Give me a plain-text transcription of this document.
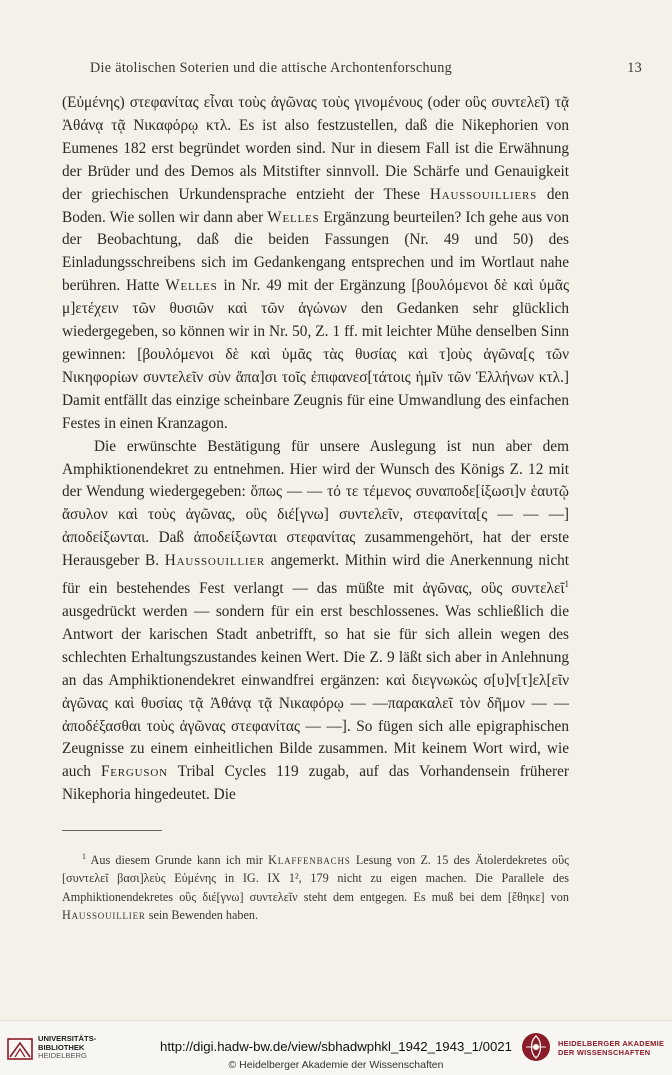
Die ätolischen Soterien und die attische Archontenforschung	13

(Εὐμένης) στεφανίτας εἶναι τοὺς ἀγῶνας τοὺς γινομένους (oder οὓς συντελεῖ) τᾷ Ἀθάνᾳ τᾷ Νικαφόρῳ κτλ. Es ist also festzustellen, daß die Nikephorien von Eumenes 182 erst begründet worden sind. Nur in diesem Fall ist die Erwähnung der Brüder und des Demos als Mitstifter sinnvoll. Die Schärfe und Genauigkeit der griechischen Urkundensprache entzieht der These Haussouilliers den Boden. Wie sollen wir dann aber Welles Ergänzung beurteilen? Ich gehe aus von der Beobachtung, daß die beiden Fassungen (Nr. 49 und 50) des Einladungsschreibens sich im Gedankengang entsprechen und im Wortlaut nahe berühren. Hatte Welles in Nr. 49 mit der Ergänzung [βουλόμενοι δὲ καὶ ὑμᾶς μ]ετέχειν τῶν θυσιῶν καὶ τῶν ἀγώνων den Gedanken sehr glücklich wiedergegeben, so können wir in Nr. 50, Z. 1 ff. mit leichter Mühe denselben Sinn gewinnen: [βουλόμενοι δὲ καὶ ὑμᾶς τὰς θυσίας καὶ τ]οὺς ἀγῶνα[ς τῶν Νικηφορίων συντελεῖν σὺν ἅπα]σι τοῖς ἐπιφανεσ[τάτοις ἡμῖν τῶν Ἑλλήνων κτλ.] Damit entfällt das einzige scheinbare Zeugnis für eine Umwandlung des einfachen Festes in einen Kranzagon.

Die erwünschte Bestätigung für unsere Auslegung ist nun aber dem Amphiktionendekret zu entnehmen. Hier wird der Wunsch des Königs Z. 12 mit der Wendung wiedergegeben: ὅπως — — τό τε τέμενος συναποδε[ίξωσι]ν ἑαυτῷ ἄσυλον καὶ τοὺς ἀγῶνας, οὓς διέ[γνω] συντελεῖν, στεφανίτα[ς — — —] ἀποδείξωνται. Daß ἀποδείξωνται στεφανίτας zusammengehört, hat der erste Herausgeber B. Haussouillier angemerkt. Mithin wird die Anerkennung nicht für ein bestehendes Fest verlangt — das müßte mit ἀγῶνας, οὓς συντελεῖ$^1$ ausgedrückt werden — sondern für ein erst beschlossenes. Was schließlich die Antwort der karischen Stadt anbetrifft, so hat sie für sich allein wegen des schlechten Erhaltungszustandes keinen Wert. Die Z. 9 läßt sich aber in Anlehnung an das Amphiktionendekret einwandfrei ergänzen: καὶ διεγνωκὼς σ[υ]ν[τ]ελ[εῖν ἀγῶνας καὶ θυσίας τᾷ Ἀθάνᾳ τᾷ Νικαφόρῳ — —παρακαλεῖ τὸν δῆμον — — ἀποδέξασθαι τοὺς ἀγῶνας στεφανίτας — —]. So fügen sich alle epigraphischen Zeugnisse zu einem einheitlichen Bilde zusammen. Mit keinem Wort wird, wie auch Ferguson Tribal Cycles 119 zugab, auf das Vorhandensein früherer Nikephoria hingedeutet. Die

$^1$ Aus diesem Grunde kann ich mir Klaffenbachs Lesung von Z. 15 des Ätolerdekretes οὓς [συντελεῖ βασι]λεὺς Εὐμένης in IG. IX 1², 179 nicht zu eigen machen. Die Parallele des Amphiktionendekretes οὓς διέ[γνω] συντελεῖν steht dem entgegen. Es muß bei dem [ἔθηκε] von Haussouillier sein Bewenden haben.

UNIVERSITÄTS-
BIBLIOTHEK
HEIDELBERG
http://digi.hadw-bw.de/view/sbhadwphkl_1942_1943_1/0021
© Heidelberger Akademie der Wissenschaften
HEIDELBERGER AKADEMIE
DER WISSENSCHAFTEN
